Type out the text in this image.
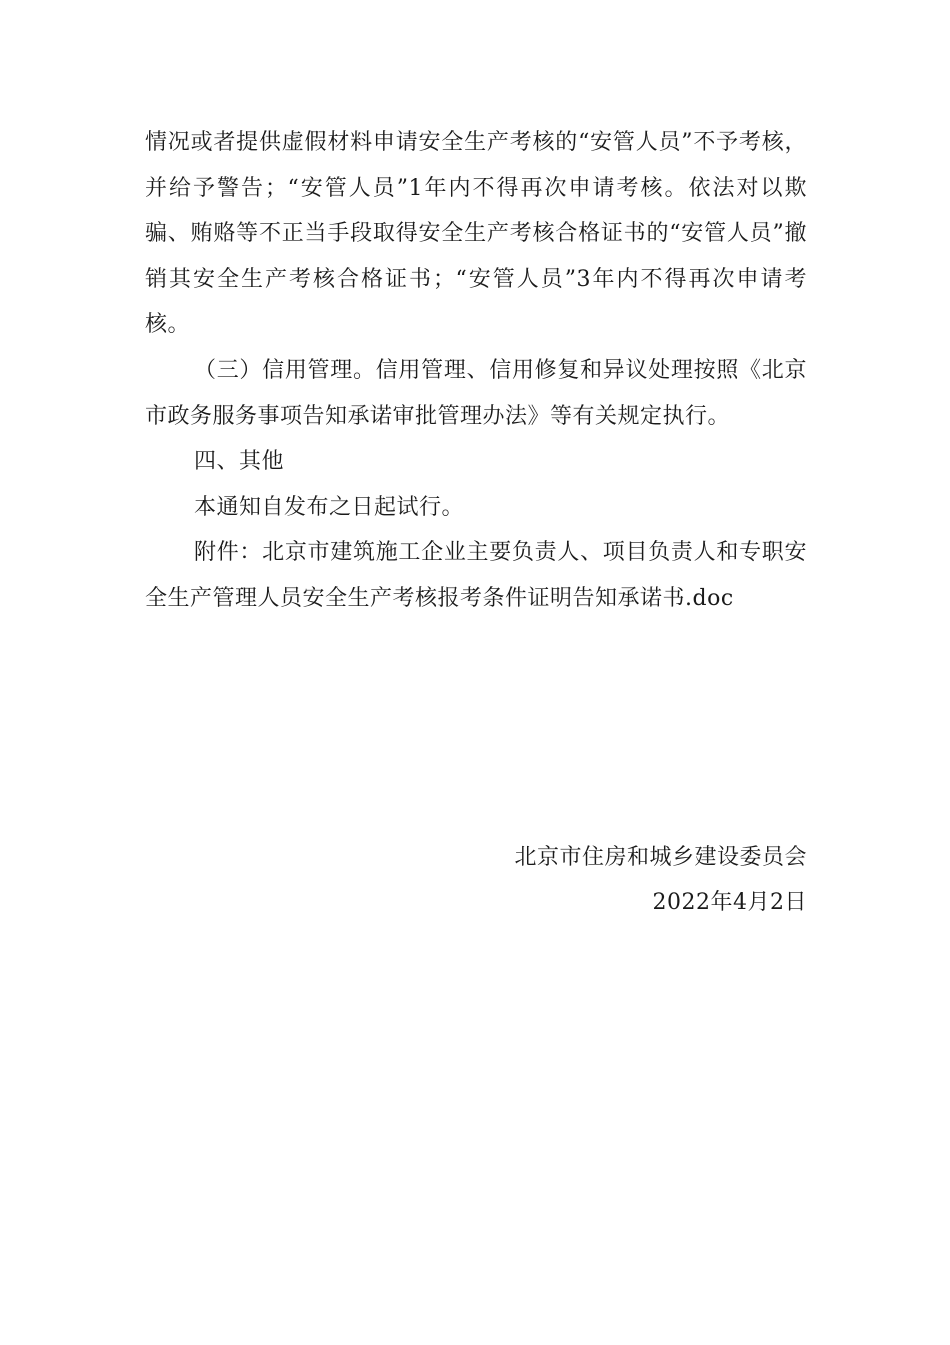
情况或者提供虚假材料申请安全生产考核的“安管人员”不予考核，并给予警告；“安管人员”1年内不得再次申请考核。依法对以欺骗、贿赂等不正当手段取得安全生产考核合格证书的“安管人员”撤销其安全生产考核合格证书；“安管人员”3年内不得再次申请考核。

（三）信用管理。信用管理、信用修复和异议处理按照《北京市政务服务事项告知承诺审批管理办法》等有关规定执行。

四、其他

本通知自发布之日起试行。

附件：北京市建筑施工企业主要负责人、项目负责人和专职安全生产管理人员安全生产考核报考条件证明告知承诺书.doc

北京市住房和城乡建设委员会
2022年4月2日
